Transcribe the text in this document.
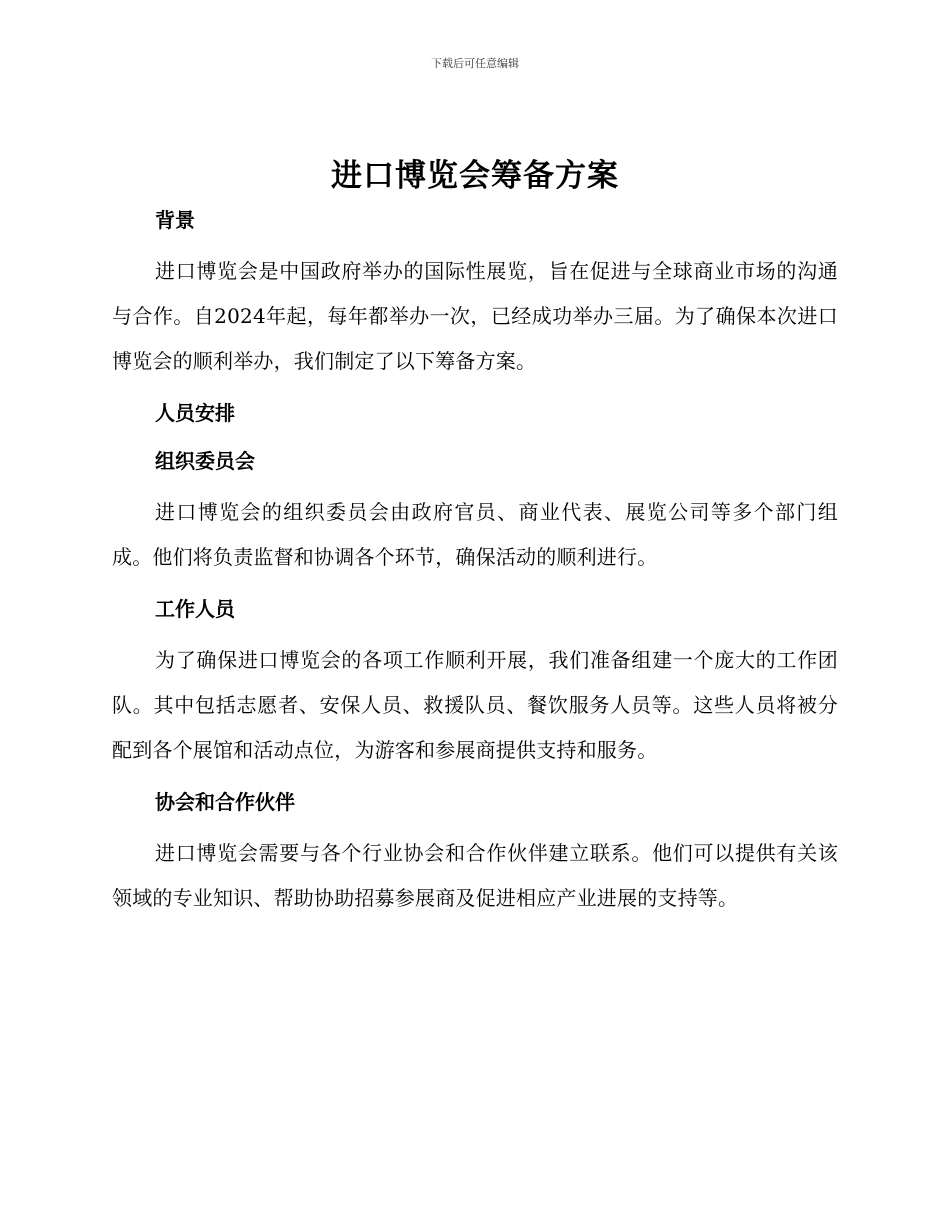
下载后可任意编辑
进口博览会筹备方案

背景

进口博览会是中国政府举办的国际性展览，旨在促进与全球商业市场的沟通与合作。自2024年起，每年都举办一次，已经成功举办三届。为了确保本次进口博览会的顺利举办，我们制定了以下筹备方案。

人员安排

组织委员会

进口博览会的组织委员会由政府官员、商业代表、展览公司等多个部门组成。他们将负责监督和协调各个环节，确保活动的顺利进行。

工作人员

为了确保进口博览会的各项工作顺利开展，我们准备组建一个庞大的工作团队。其中包括志愿者、安保人员、救援队员、餐饮服务人员等。这些人员将被分配到各个展馆和活动点位，为游客和参展商提供支持和服务。

协会和合作伙伴

进口博览会需要与各个行业协会和合作伙伴建立联系。他们可以提供有关该领域的专业知识、帮助协助招募参展商及促进相应产业进展的支持等。
